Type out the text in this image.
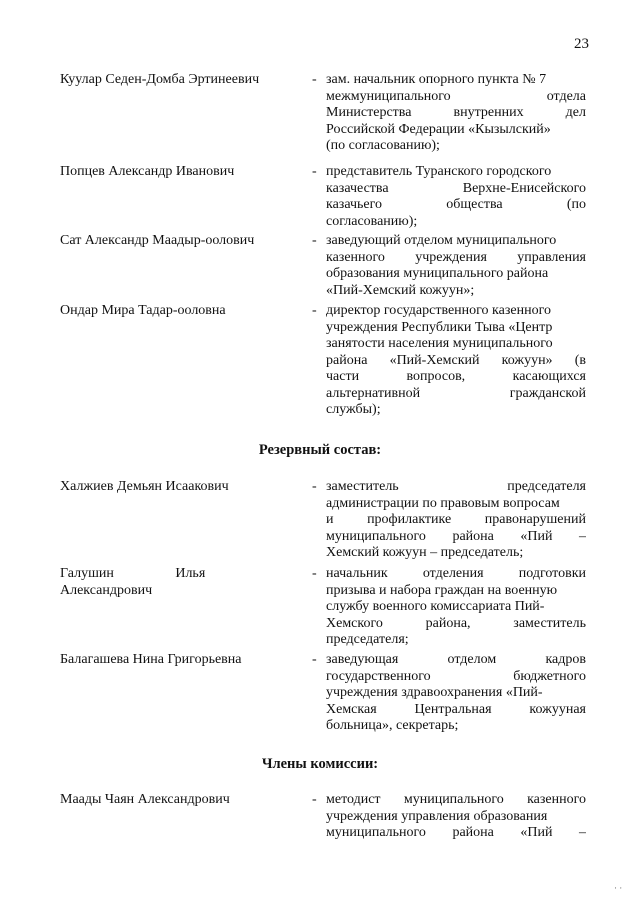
23
Куулар Седен-Домба Эртинеевич	- зам. начальник опорного пункта № 7
межмуниципального отдела
Министерства внутренних дел
Российской Федерации «Кызылский»
(по согласованию);
Попцев Александр Иванович	- представитель Туранского городского
казачества Верхне-Енисейского
казачьего общества (по
согласованию);
Сат Александр Маадыр-оолович	- заведующий отделом муниципального
казенного учреждения управления
образования муниципального района
«Пий-Хемский кожуун»;
Ондар Мира Тадар-ооловна	- директор государственного казенного
учреждения Республики Тыва «Центр
занятости населения муниципального
района «Пий-Хемский кожуун» (в
части вопросов, касающихся
альтернативной гражданской
службы);
Резервный состав:
Халжиев Демьян Исаакович	- заместитель председателя
администрации по правовым вопросам
и профилактике правонарушений
муниципального района «Пий –
Хемский кожуун – председатель;
Галушин Илья
Александрович
- начальник отделения подготовки
призыва и набора граждан на военную
службу военного комиссариата Пий-
Хемского района, заместитель
председателя;
Балагашева Нина Григорьевна	- заведующая отделом кадров
государственного бюджетного
учреждения здравоохранения «Пий-
Хемская Центральная кожууная
больница», секретарь;
Члены комиссии:
Маады Чаян Александрович	- методист муниципального казенного
учреждения управления образования
муниципального района «Пий –
· ·
